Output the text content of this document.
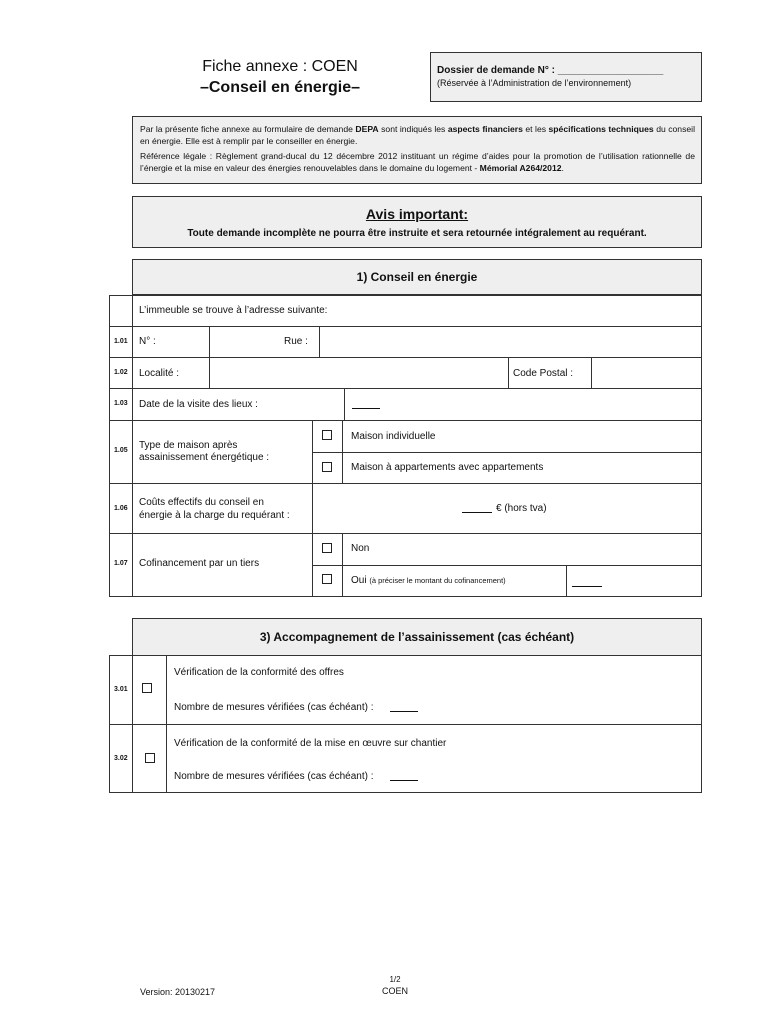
Fiche annexe : COEN
–Conseil en énergie–
Dossier de demande N° : ___________________
(Réservée à l’Administration de l’environnement)

Par la présente fiche annexe au formulaire de demande DEPA sont indiqués les aspects financiers et les spécifications techniques du conseil en énergie. Elle est à remplir par le conseiller en énergie.

Référence légale : Règlement grand-ducal du 12 décembre 2012 instituant un régime d’aides pour la promotion de l’utilisation rationnelle de l’énergie et la mise en valeur des énergies renouvelables dans le domaine du logement - Mémorial A264/2012.

Avis important:
Toute demande incomplète ne pourra être instruite et sera retournée intégralement au requérant.
1) Conseil en énergie
L’immeuble se trouve à l’adresse suivante:
1.01 N° :	Rue :
1.02 Localité :	Code Postal :
1.03 Date de la visite des lieux :
1.05 Type de maison après
assainissement énergétique :
Maison individuelle
Maison à appartements avec appartements
1.06
Coûts effectifs du conseil en
énergie à la charge du requérant :
€ (hors tva)
1.07 Cofinancement par un tiers
Non
Oui (à préciser le montant du cofinancement)
3) Accompagnement de l’assainissement (cas échéant)
3.01
Vérification de la conformité des offres
Nombre de mesures vérifiées (cas échéant) :
3.02
Vérification de la conformité de la mise en œuvre sur chantier
Nombre de mesures vérifiées (cas échéant) :
Version: 20130217
1/2
COEN
